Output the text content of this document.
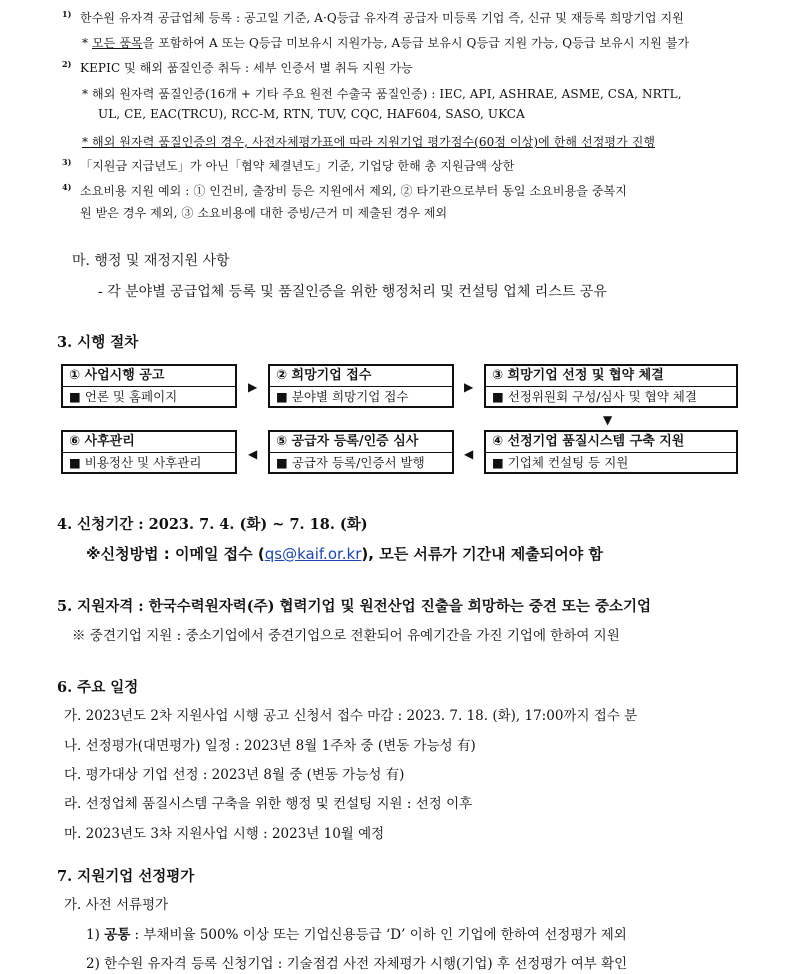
1) 한수원 유자격 공급업체 등록 : 공고일 기준, A·Q등급 유자격 공급자 미등록 기업 즉, 신규 및 재등록 희망기업 지원
* 모든 품목을 포함하여 A 또는 Q등급 미보유시 지원가능, A등급 보유시 Q등급 지원 가능, Q등급 보유시 지원 불가
2) KEPIC 및 해외 품질인증 취득 : 세부 인증서 별 취득 지원 가능
* 해외 원자력 품질인증(16개 + 기타 주요 원전 수출국 품질인증) : IEC, API, ASHRAE, ASME, CSA, NRTL,
UL, CE, EAC(TRCU), RCC-M, RTN, TUV, CQC, HAF604, SASO, UKCA
* 해외 원자력 품질인증의 경우, 사전자체평가표에 따라 지원기업 평가점수(60점 이상)에 한해 선정평가 진행
3) 「지원금 지급년도」가 아닌「협약 체결년도」기준, 기업당 한해 총 지원금액 상한
4) 소요비용 지원 예외 : ① 인건비, 출장비 등은 지원에서 제외, ② 타기관으로부터 동일 소요비용을 중복지
원 받은 경우 제외, ③ 소요비용에 대한 증빙/근거 미 제출된 경우 제외
마. 행정 및 재정지원 사항
- 각 분야별 공급업체 등록 및 품질인증을 위한 행정처리 및 컨설팅 업체 리스트 공유
3. 시행 절차
① 사업시행 공고
■ 언론 및 홈페이지
▶
② 희망기업 접수
■ 분야별 희망기업 접수
▶
③ 희망기업 선정 및 협약 체결
■ 선정위원회 구성/심사 및 협약 체결
▼
⑥ 사후관리
■ 비용정산 및 사후관리
◀
⑤ 공급자 등록/인증 심사
■ 공급자 등록/인증서 발행
◀
④ 선정기업 품질시스템 구축 지원
■ 기업체 컨설팅 등 지원
4. 신청기간 : 2023. 7. 4. (화) ~ 7. 18. (화)
※신청방법 : 이메일 접수 (qs@kaif.or.kr), 모든 서류가 기간내 제출되어야 함
5. 지원자격 : 한국수력원자력(주) 협력기업 및 원전산업 진출을 희망하는 중견 또는 중소기업
※ 중견기업 지원 : 중소기업에서 중견기업으로 전환되어 유예기간을 가진 기업에 한하여 지원
6. 주요 일정
가. 2023년도 2차 지원사업 시행 공고 신청서 접수 마감 : 2023. 7. 18. (화), 17:00까지 접수 분
나. 선정평가(대면평가) 일정 : 2023년 8월 1주차 중 (변동 가능성 有)
다. 평가대상 기업 선정 : 2023년 8월 중 (변동 가능성 有)
라. 선정업체 품질시스템 구축을 위한 행정 및 컨설팅 지원 : 선정 이후
마. 2023년도 3차 지원사업 시행 : 2023년 10월 예정
7. 지원기업 선정평가
가. 사전 서류평가
1) 공통 : 부채비율 500% 이상 또는 기업신용등급 ‘D’ 이하 인 기업에 한하여 선정평가 제외
2) 한수원 유자격 등록 신청기업 : 기술점검 사전 자체평가 시행(기업) 후 선정평가 여부 확인
